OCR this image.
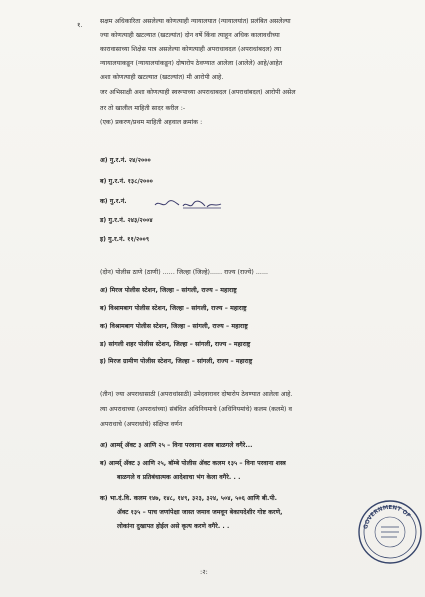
१.	सक्षम अधिकारिता असलेल्या कोणत्याही न्यायालयात (न्यायालयांत) प्रलंबित असलेल्या
ज्या कोणत्याही खटल्यात (खटल्यांत) दोन वर्षे किंवा त्याहून अधिक कालावधीच्या
कारावासाच्या शिक्षेस पात्र असलेल्या कोणत्याही अपराधावदल (अपराधांबदल) त्या
न्यायालयाकडून (न्यायालयांकडून) दोषारोप ठेवण्यात आलेला (आलेले) आहे/आहेत
अशा कोणत्याही खटल्यात (खटल्यांत) मी आरोपी आहे.
जर अभिसाक्षी अशा कोणत्याही स्वरूपाच्या अपराधाबदल (अपराधांबदल) आरोपी असेल
तर तो खालील माहिती सादर करील :-
(एक) प्रकरण/प्रथम माहिती अहवाल क्रमांक :
अ) गु.र.नं. २४/२०००
ब) गु.र.नं. १३८/२०००
क) गु.र.नं.
ड) गु.र.नं. २४३/२००४
इ) गु.र.नं. ११/२००९
(दोन) पोलीस ठाणे (ठाणी) ...... जिल्हा (जिल्हे)...... राज्य (राज्ये) ......
अ) मिरज पोलीस स्टेशन, जिल्हा – सांगली, राज्य – महाराष्ट्र
ब) विश्रामबाग पोलीस स्टेशन, जिल्हा – सांगली, राज्य – महाराष्ट्र
क) विश्रामबाग पोलीस स्टेशन, जिल्हा – सांगली, राज्य – महाराष्ट्र
ड) सांगली शहर पोलीस स्टेशन, जिल्हा – सांगली, राज्य – महाराष्ट्र
इ) मिरज ग्रामीण पोलीस स्टेशन, जिल्हा – सांगली, राज्य – महाराष्ट्र
(तीन) ज्या अपराधासाठी (अपराधांसाठी) उमेदवारावर दोषारोप ठेवण्यात आलेला आहे.
त्या अपराधाच्या (अपराधांच्या) संबंधित अधिनियमाचे (अधिनियमांचे) कलम (कलमे) व
अपराधाचे (अपराधांचे) संक्षिप्त वर्णन
अ) आर्म्स् ॲक्ट ३ आणि २५ – विना परवाना शस्त्र बाळगले वगैरे...
ब) आर्म्स् ॲक्ट ३ आणि २५, बॉम्बे पोलीस ॲक्ट कलम १३५ – विना परवाना शस्त्र
बाळगले व प्रतिबंधात्मक आदेशाचा भंग केला वगैरे. . .
क) भा.दं.वि. कलम १४७, १४८, १४९, ३२३, ३२४, ५०४, ५०६ आणि बी.पी.
ॲक्ट १३५ – पाच जणांपेक्षा जास्त जमाव जमवून बेकायदेशीर गोष्ट करणे,
लोकांना दुखापत होईल असे कृत्य करणे वगैरे. . .	GOVERNMENT OF
:२:
